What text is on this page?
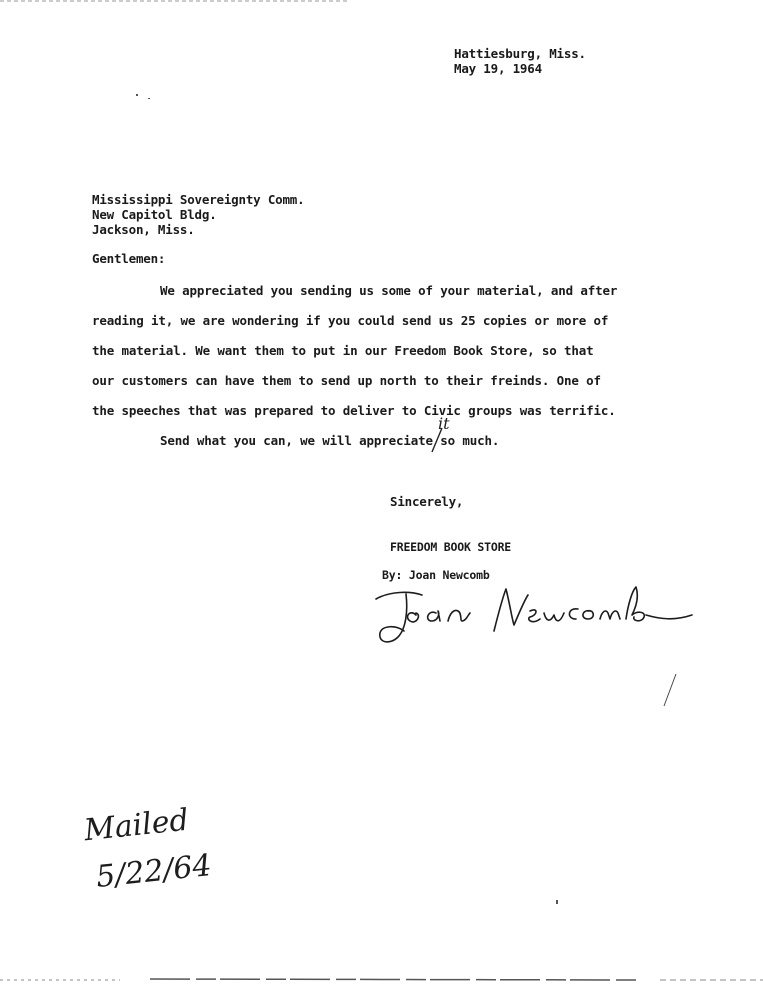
Hattiesburg, Miss.
May 19, 1964
Mississippi Sovereignty Comm.
New Capitol Bldg.
Jackson, Miss.
Gentlemen:
We appreciated you sending us some of your material, and after
reading it, we are wondering if you could send us 25 copies or more of
the material. We want them to put in our Freedom Book Store, so that
our customers can have them to send up north to their freinds. One of
the speeches that was prepared to deliver to Civic groups was terrific.
Send what you can, we will appreciate so much.
it
Sincerely,
FREEDOM BOOK STORE
By: Joan Newcomb
Mailed
5/22/64
